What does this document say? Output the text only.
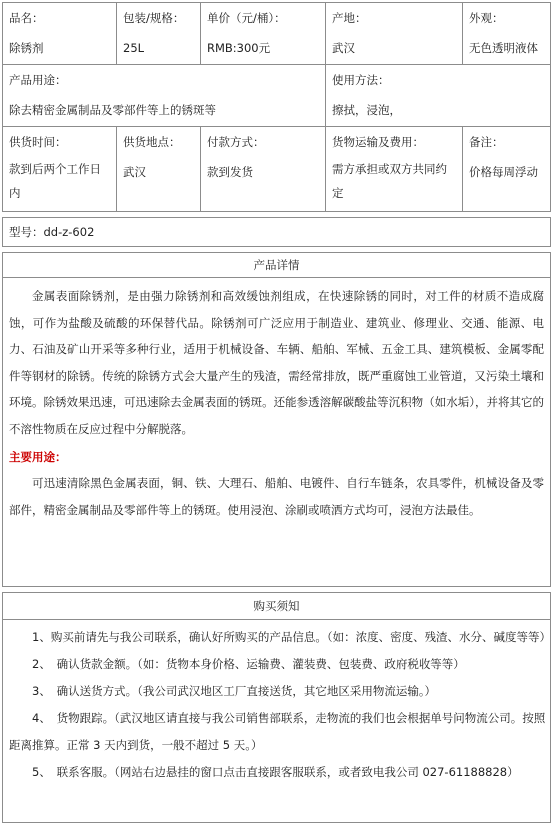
品名：
除锈剂
包装/规格：
25L
单价（元/桶）：
RMB:300元
产地：
武汉
外观：
无色透明液体
产品用途：
除去精密金属制品及零部件等上的锈斑等
使用方法：
擦拭，浸泡，
供货时间：
款到后两个工作日内
供货地点：
武汉
付款方式：
款到发货
货物运输及费用：
需方承担或双方共同约定
备注：
价格每周浮动
型号：dd-z-602
产品详情

金属表面除锈剂，是由强力除锈剂和高效缓蚀剂组成，在快速除锈的同时，对工件的材质不造成腐蚀，可作为盐酸及硫酸的环保替代品。除锈剂可广泛应用于制造业、建筑业、修理业、交通、能源、电力、石油及矿山开采等多种行业，适用于机械设备、车辆、船舶、军械、五金工具、建筑模板、金属零配件等钢材的除锈。传统的除锈方式会大量产生的残渣，需经常排放，既严重腐蚀工业管道，又污染土壤和环境。除锈效果迅速，可迅速除去金属表面的锈斑。还能参透溶解碳酸盐等沉积物（如水垢），并将其它的不溶性物质在反应过程中分解脱落。

主要用途：

可迅速清除黑色金属表面，铜、铁、大理石、船舶、电镀件、自行车链条，农具零件，机械设备及零部件，精密金属制品及零部件等上的锈斑。使用浸泡、涂刷或喷洒方式均可，浸泡方法最佳。

购买须知

1、购买前请先与我公司联系，确认好所购买的产品信息。（如：浓度、密度、残渣、水分、碱度等等）

2、　确认货款金额。（如：货物本身价格、运输费、灌装费、包装费、政府税收等等）

3、　确认送货方式。（我公司武汉地区工厂直接送货，其它地区采用物流运输。）

4、　货物跟踪。（武汉地区请直接与我公司销售部联系，走物流的我们也会根据单号问物流公司。按照距离推算。正常 3 天内到货，一般不超过 5 天。）

5、　联系客服。（网站右边悬挂的窗口点击直接跟客服联系，或者致电我公司 027-61188828）
